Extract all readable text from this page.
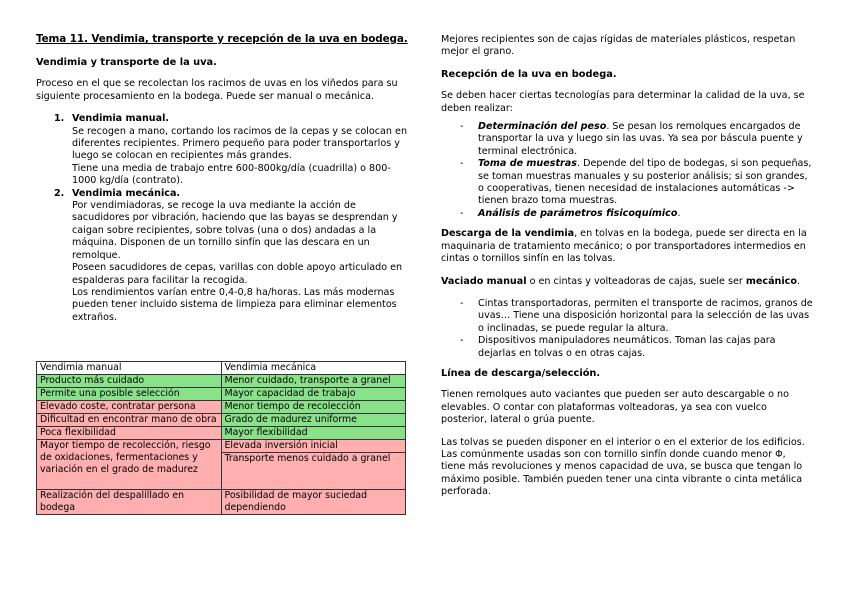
Tema 11. Vendimia, transporte y recepción de la uva en bodega.

Vendimia y transporte de la uva.

Proceso en el que se recolectan los racimos de uvas en los viñedos para su siguiente procesamiento en la bodega. Puede ser manual o mecánica.

1. Vendimia manual.

Se recogen a mano, cortando los racimos de la cepas y se colocan en diferentes recipientes. Primero pequeño para poder transportarlos y luego se colocan en recipientes más grandes.

Tiene una media de trabajo entre 600-800kg/día (cuadrilla) o 800-1000 kg/día (contrato).

2. Vendimia mecánica.

Por vendimiadoras, se recoge la uva mediante la acción de sacudidores por vibración, haciendo que las bayas se desprendan y caigan sobre recipientes, sobre tolvas (una o dos) andadas a la máquina. Disponen de un tornillo sinfín que las descara en un remolque.

Poseen sacudidores de cepas, varillas con doble apoyo articulado en espalderas para facilitar la recogida.

Los rendimientos varían entre 0,4-0,8 ha/horas. Las más modernas pueden tener incluido sistema de limpieza para eliminar elementos extraños.

Vendimia manual	Vendimia mecánica
Producto más cuidado	Menor cuidado, transporte a granel
Permite una posible selección	Mayor capacidad de trabajo
Elevado coste, contratar persona	Menor tiempo de recolección
Dificultad en encontrar mano de obra	Grado de madurez uniforme
Poca flexibilidad	Mayor flexibilidad
Mayor tiempo de recolección, riesgo de oxidaciones, fermentaciones y variación en el grado de madurez	Elevada inversión inicial
	Transporte menos cuidado a granel
Realización del despalillado en bodega	Posibilidad de mayor suciedad dependiendo

Mejores recipientes son de cajas rígidas de materiales plásticos, respetan mejor el grano.

Recepción de la uva en bodega.

Se deben hacer ciertas tecnologías para determinar la calidad de la uva, se deben realizar:

- Determinación del peso. Se pesan los remolques encargados de transportar la uva y luego sin las uvas. Ya sea por báscula puente y terminal electrónica.
- Toma de muestras. Depende del tipo de bodegas, si son pequeñas, se toman muestras manuales y su posterior análisis; si son grandes, o cooperativas, tienen necesidad de instalaciones automáticas -> tienen brazo toma muestras.
- Análisis de parámetros fisicoquímico.

Descarga de la vendimia, en tolvas en la bodega, puede ser directa en la maquinaria de tratamiento mecánico; o por transportadores intermedios en cintas o tornillos sinfín en las tolvas.

Vaciado manual o en cintas y volteadoras de cajas, suele ser mecánico.

- Cintas transportadoras, permiten el transporte de racimos, granos de uvas… Tiene una disposición horizontal para la selección de las uvas o inclinadas, se puede regular la altura.
- Dispositivos manipuladores neumáticos. Toman las cajas para dejarlas en tolvas o en otras cajas.

Línea de descarga/selección.

Tienen remolques auto vaciantes que pueden ser auto descargable o no elevables. O contar con plataformas volteadoras, ya sea con vuelco posterior, lateral o grúa puente.

Las tolvas se pueden disponer en el interior o en el exterior de los edificios. Las comúnmente usadas son con tornillo sinfín donde cuando menor Φ, tiene más revoluciones y menos capacidad de uva, se busca que tengan lo máximo posible. También pueden tener una cinta vibrante o cinta metálica perforada.
